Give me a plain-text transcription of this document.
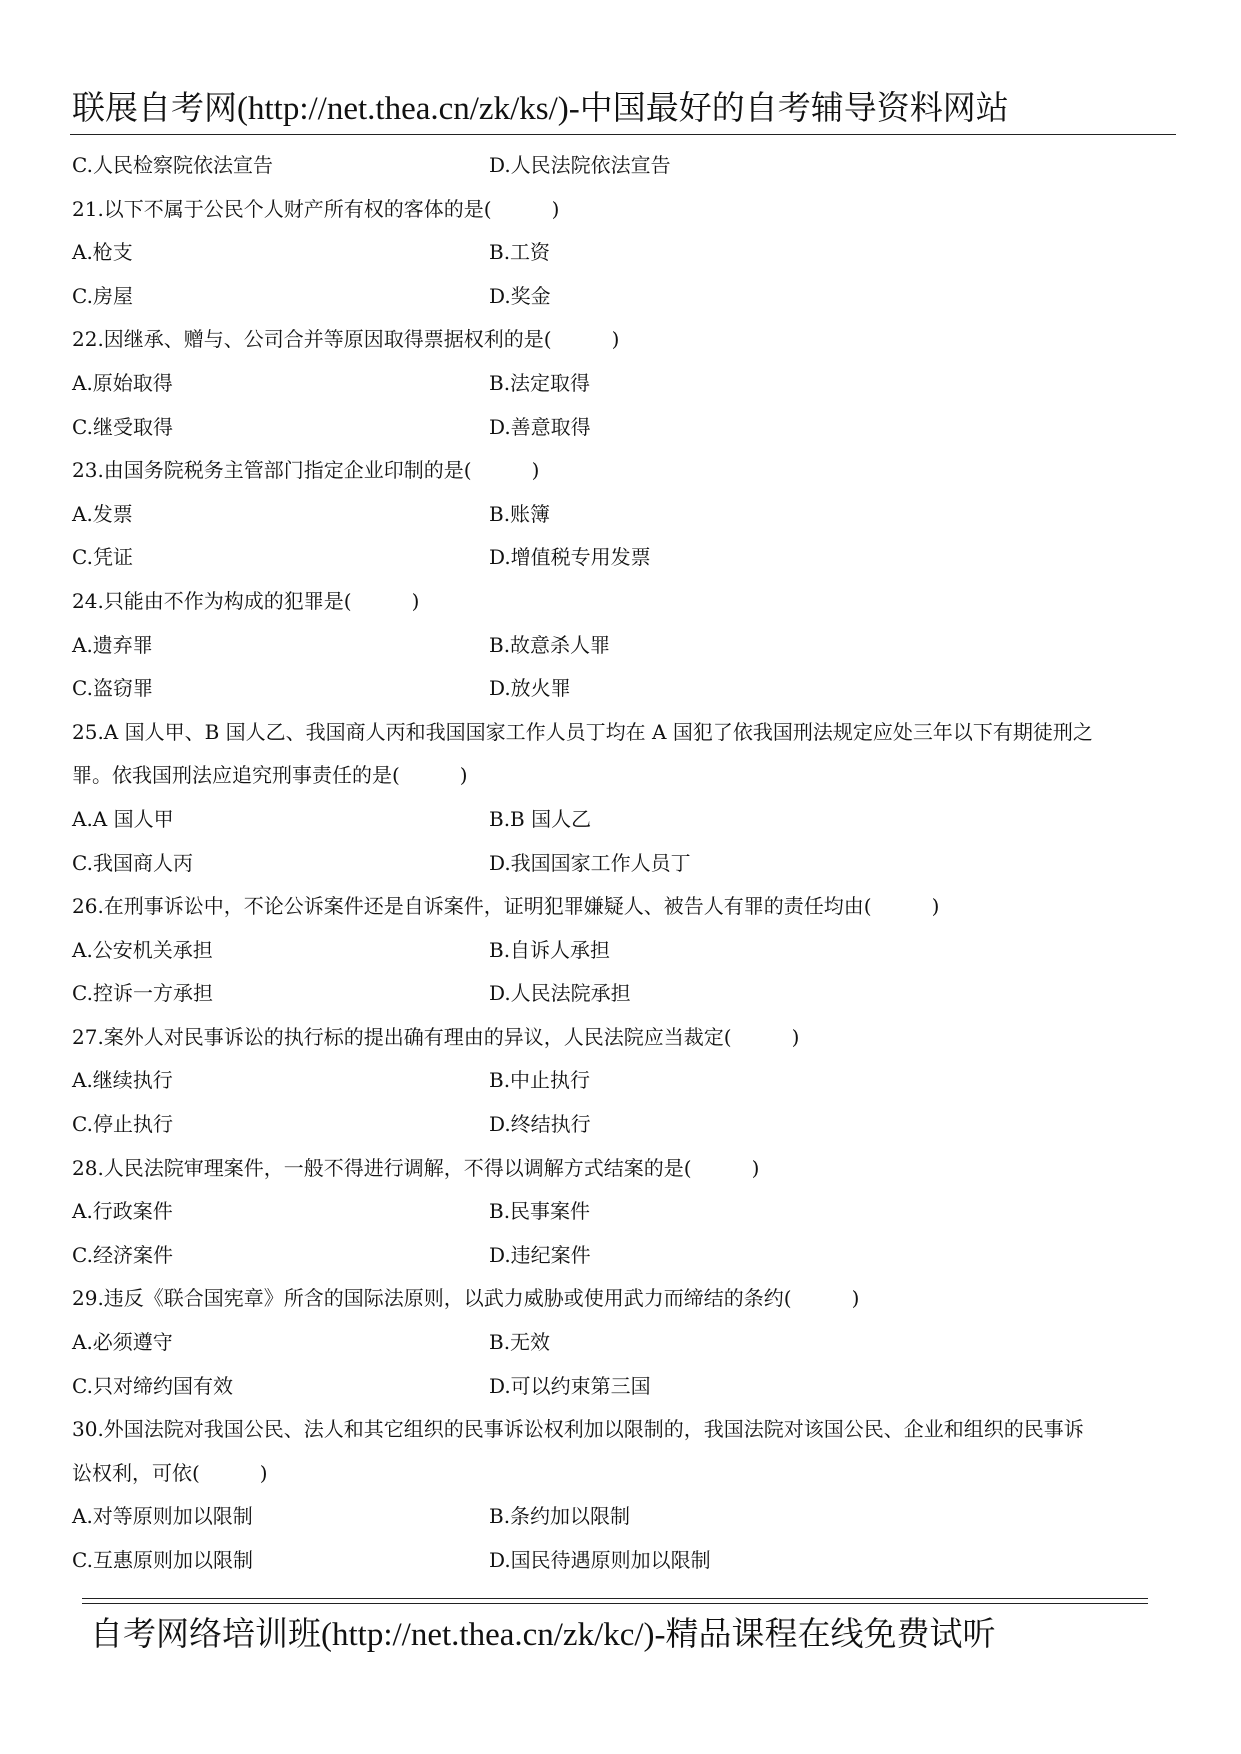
联展自考网(http://net.thea.cn/zk/ks/)-中国最好的自考辅导资料网站
C.人民检察院依法宣告	D.人民法院依法宣告
21.以下不属于公民个人财产所有权的客体的是(　　　)
A.枪支	B.工资
C.房屋	D.奖金
22.因继承、赠与、公司合并等原因取得票据权利的是(　　　)
A.原始取得	B.法定取得
C.继受取得	D.善意取得
23.由国务院税务主管部门指定企业印制的是(　　　)
A.发票	B.账簿
C.凭证	D.增值税专用发票
24.只能由不作为构成的犯罪是(　　　)
A.遗弃罪	B.故意杀人罪
C.盗窃罪	D.放火罪
25.A 国人甲、B 国人乙、我国商人丙和我国国家工作人员丁均在 A 国犯了依我国刑法规定应处三年以下有期徒刑之
罪。依我国刑法应追究刑事责任的是(　　　)
A.A 国人甲	B.B 国人乙
C.我国商人丙	D.我国国家工作人员丁
26.在刑事诉讼中，不论公诉案件还是自诉案件，证明犯罪嫌疑人、被告人有罪的责任均由(　　　)
A.公安机关承担	B.自诉人承担
C.控诉一方承担	D.人民法院承担
27.案外人对民事诉讼的执行标的提出确有理由的异议，人民法院应当裁定(　　　)
A.继续执行	B.中止执行
C.停止执行	D.终结执行
28.人民法院审理案件，一般不得进行调解，不得以调解方式结案的是(　　　)
A.行政案件	B.民事案件
C.经济案件	D.违纪案件
29.违反《联合国宪章》所含的国际法原则，以武力威胁或使用武力而缔结的条约(　　　)
A.必须遵守	B.无效
C.只对缔约国有效	D.可以约束第三国
30.外国法院对我国公民、法人和其它组织的民事诉讼权利加以限制的，我国法院对该国公民、企业和组织的民事诉
讼权利，可依(　　　)
A.对等原则加以限制	B.条约加以限制
C.互惠原则加以限制	D.国民待遇原则加以限制
自考网络培训班(http://net.thea.cn/zk/kc/)-精品课程在线免费试听
